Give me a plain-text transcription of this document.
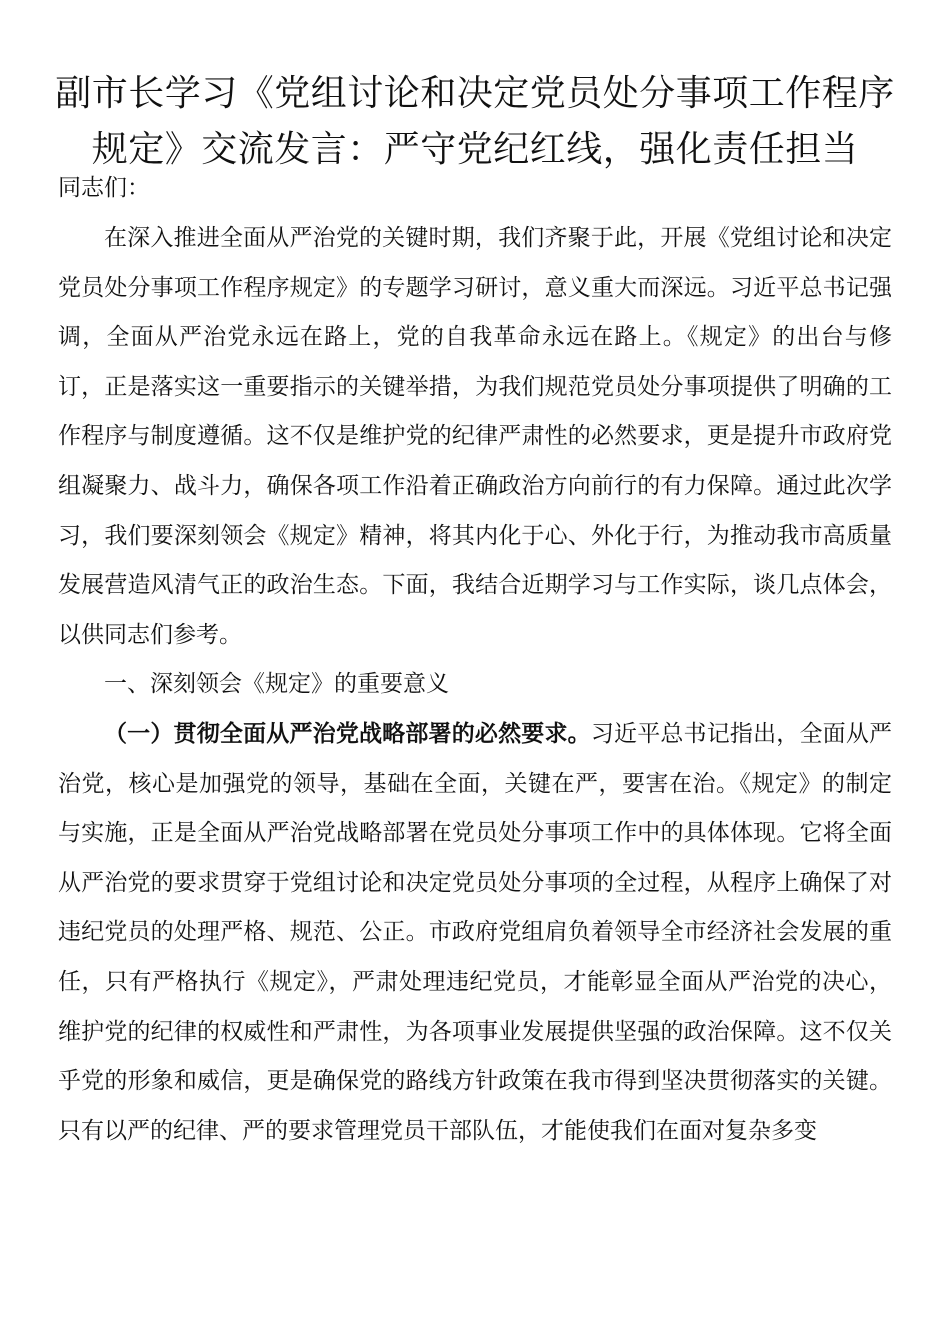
副市长学习《党组讨论和决定党员处分事项工作程序规定》交流发言：严守党纪红线，强化责任担当
同志们：

在深入推进全面从严治党的关键时期，我们齐聚于此，开展《党组讨论和决定党员处分事项工作程序规定》的专题学习研讨，意义重大而深远。习近平总书记强调，全面从严治党永远在路上，党的自我革命永远在路上。《规定》的出台与修订，正是落实这一重要指示的关键举措，为我们规范党员处分事项提供了明确的工作程序与制度遵循。这不仅是维护党的纪律严肃性的必然要求，更是提升市政府党组凝聚力、战斗力，确保各项工作沿着正确政治方向前行的有力保障。通过此次学习，我们要深刻领会《规定》精神，将其内化于心、外化于行，为推动我市高质量发展营造风清气正的政治生态。下面，我结合近期学习与工作实际，谈几点体会，以供同志们参考。

一、深刻领会《规定》的重要意义

（一）贯彻全面从严治党战略部署的必然要求。习近平总书记指出，全面从严治党，核心是加强党的领导，基础在全面，关键在严，要害在治。《规定》的制定与实施，正是全面从严治党战略部署在党员处分事项工作中的具体体现。它将全面从严治党的要求贯穿于党组讨论和决定党员处分事项的全过程，从程序上确保了对违纪党员的处理严格、规范、公正。市政府党组肩负着领导全市经济社会发展的重任，只有严格执行《规定》，严肃处理违纪党员，才能彰显全面从严治党的决心，维护党的纪律的权威性和严肃性，为各项事业发展提供坚强的政治保障。这不仅关乎党的形象和威信，更是确保党的路线方针政策在我市得到坚决贯彻落实的关键。只有以严的纪律、严的要求管理党员干部队伍，才能使我们在面对复杂多变
